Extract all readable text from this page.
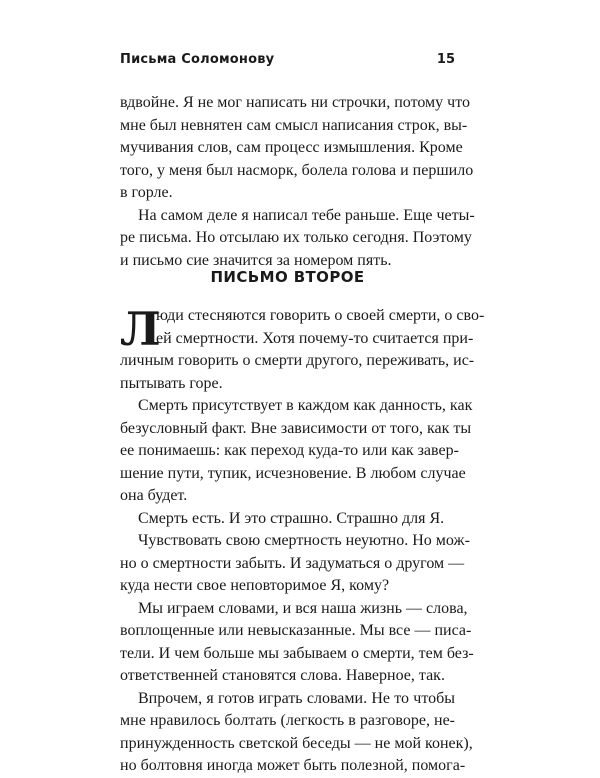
Письма Соломонову	15
вдвойне. Я не мог написать ни строчки, потому что
мне был невнятен сам смысл написания строк, вы-
мучивания слов, сам процесс измышления. Кроме
того, у меня был насморк, болела голова и першило
в горле.
На самом деле я написал тебе раньше. Еще четы-
ре письма. Но отсылаю их только сегодня. Поэтому
и письмо сие значится за номером пять.
ПИСЬМО ВТОРОЕ
Л
юди стесняются говорить о своей смерти, о сво-
ей смертности. Хотя почему-то считается при-
личным говорить о смерти другого, переживать, ис-
пытывать горе.
Смерть присутствует в каждом как данность, как
безусловный факт. Вне зависимости от того, как ты
ее понимаешь: как переход куда-то или как завер-
шение пути, тупик, исчезновение. В любом случае
она будет.
Смерть есть. И это страшно. Страшно для Я.
Чувствовать свою смертность неуютно. Но мож-
но о смертности забыть. И задуматься о другом —
куда нести свое неповторимое Я, кому?
Мы играем словами, и вся наша жизнь — слова,
воплощенные или невысказанные. Мы все — писа-
тели. И чем больше мы забываем о смерти, тем без-
ответственней становятся слова. Наверное, так.
Впрочем, я готов играть словами. Не то чтобы
мне нравилось болтать (легкость в разговоре, не-
принужденность светской беседы — не мой конек),
но болтовня иногда может быть полезной, помога-
